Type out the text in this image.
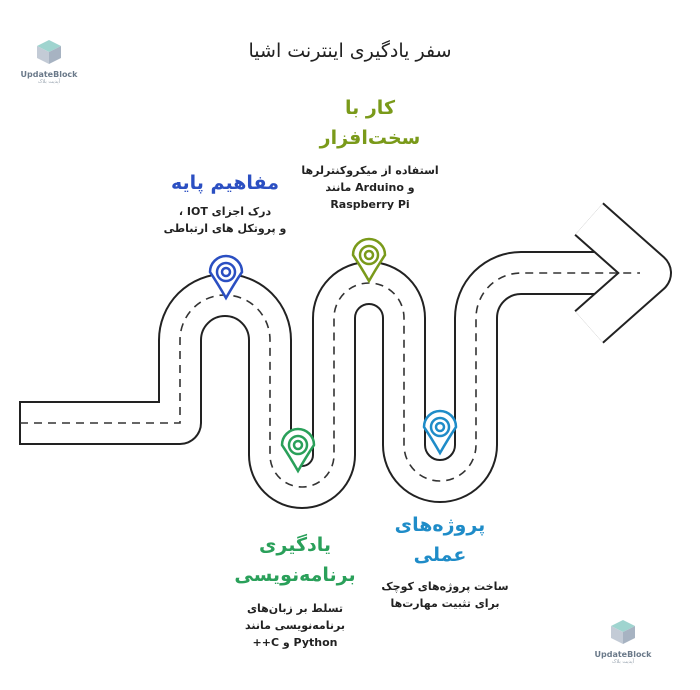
سفر یادگیری اینترنت اشیا
مفاهیم پایه
درک اجزای IOT ،
و پروتکل های ارتباطی
کار با
سخت‌افزار
استفاده از میکروکنترلرها
و Arduino مانند
Raspberry Pi
یادگیری
برنامه‌نویسی
تسلط بر زبان‌های
برنامه‌نویسی مانند
Python و C++
پروژه‌های
عملی
ساخت پروژه‌های کوچک
برای تثبیت مهارت‌ها
UpdateBlock
آپدیت بلاک
UpdateBlock
آپدیت بلاک
